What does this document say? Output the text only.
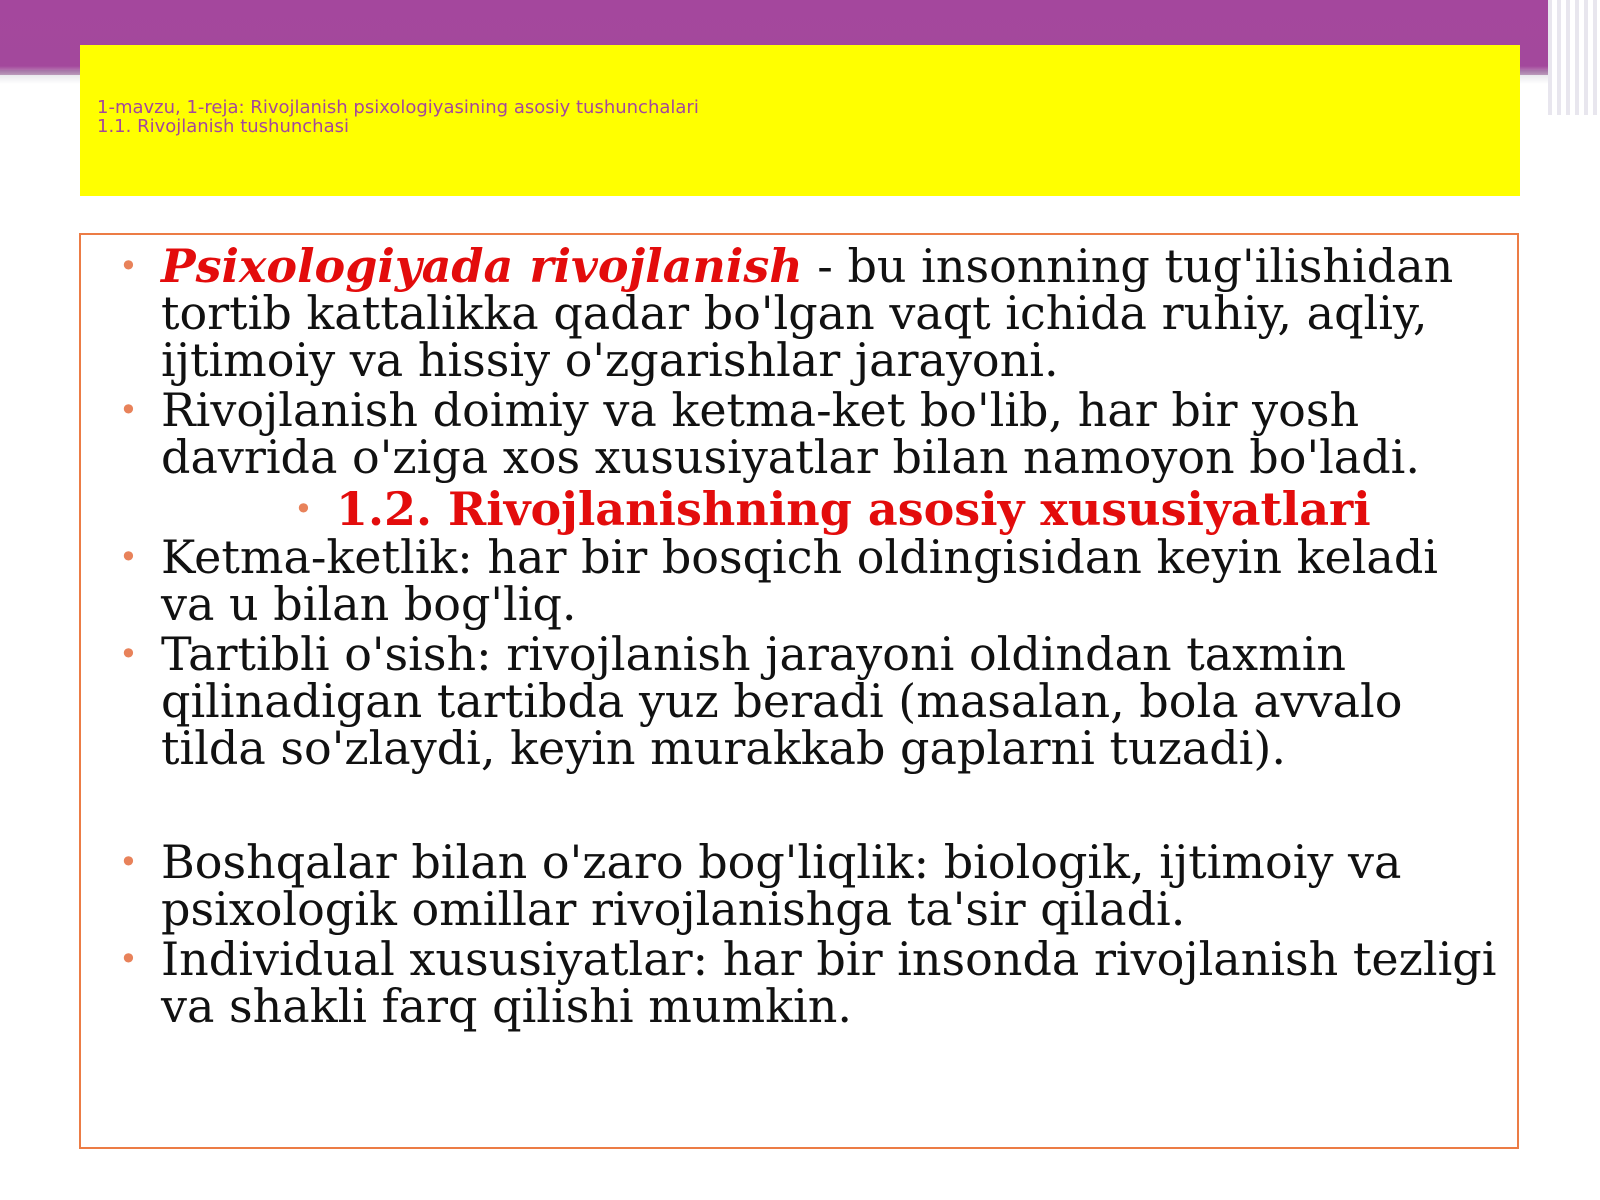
1-mavzu, 1-reja: Rivojlanish psixologiyasining asosiy tushunchalari
1.1. Rivojlanish tushunchasi
• Psixologiyada rivojlanish - bu insonning tug'ilishidan tortib kattalikka qadar bo'lgan vaqt ichida ruhiy, aqliy, ijtimoiy va hissiy o'zgarishlar jarayoni.
• Rivojlanish doimiy va ketma-ket bo'lib, har bir yosh davrida o'ziga xos xususiyatlar bilan namoyon bo'ladi.
• 1.2. Rivojlanishning asosiy xususiyatlari
• Ketma-ketlik: har bir bosqich oldingisidan keyin keladi va u bilan bog'liq.
• Tartibli o'sish: rivojlanish jarayoni oldindan taxmin qilinadigan tartibda yuz beradi (masalan, bola avvalo tilda so'zlaydi, keyin murakkab gaplarni tuzadi).
• Boshqalar bilan o'zaro bog'liqlik: biologik, ijtimoiy va psixologik omillar rivojlanishga ta'sir qiladi.
• Individual xususiyatlar: har bir insonda rivojlanish tezligi va shakli farq qilishi mumkin.
